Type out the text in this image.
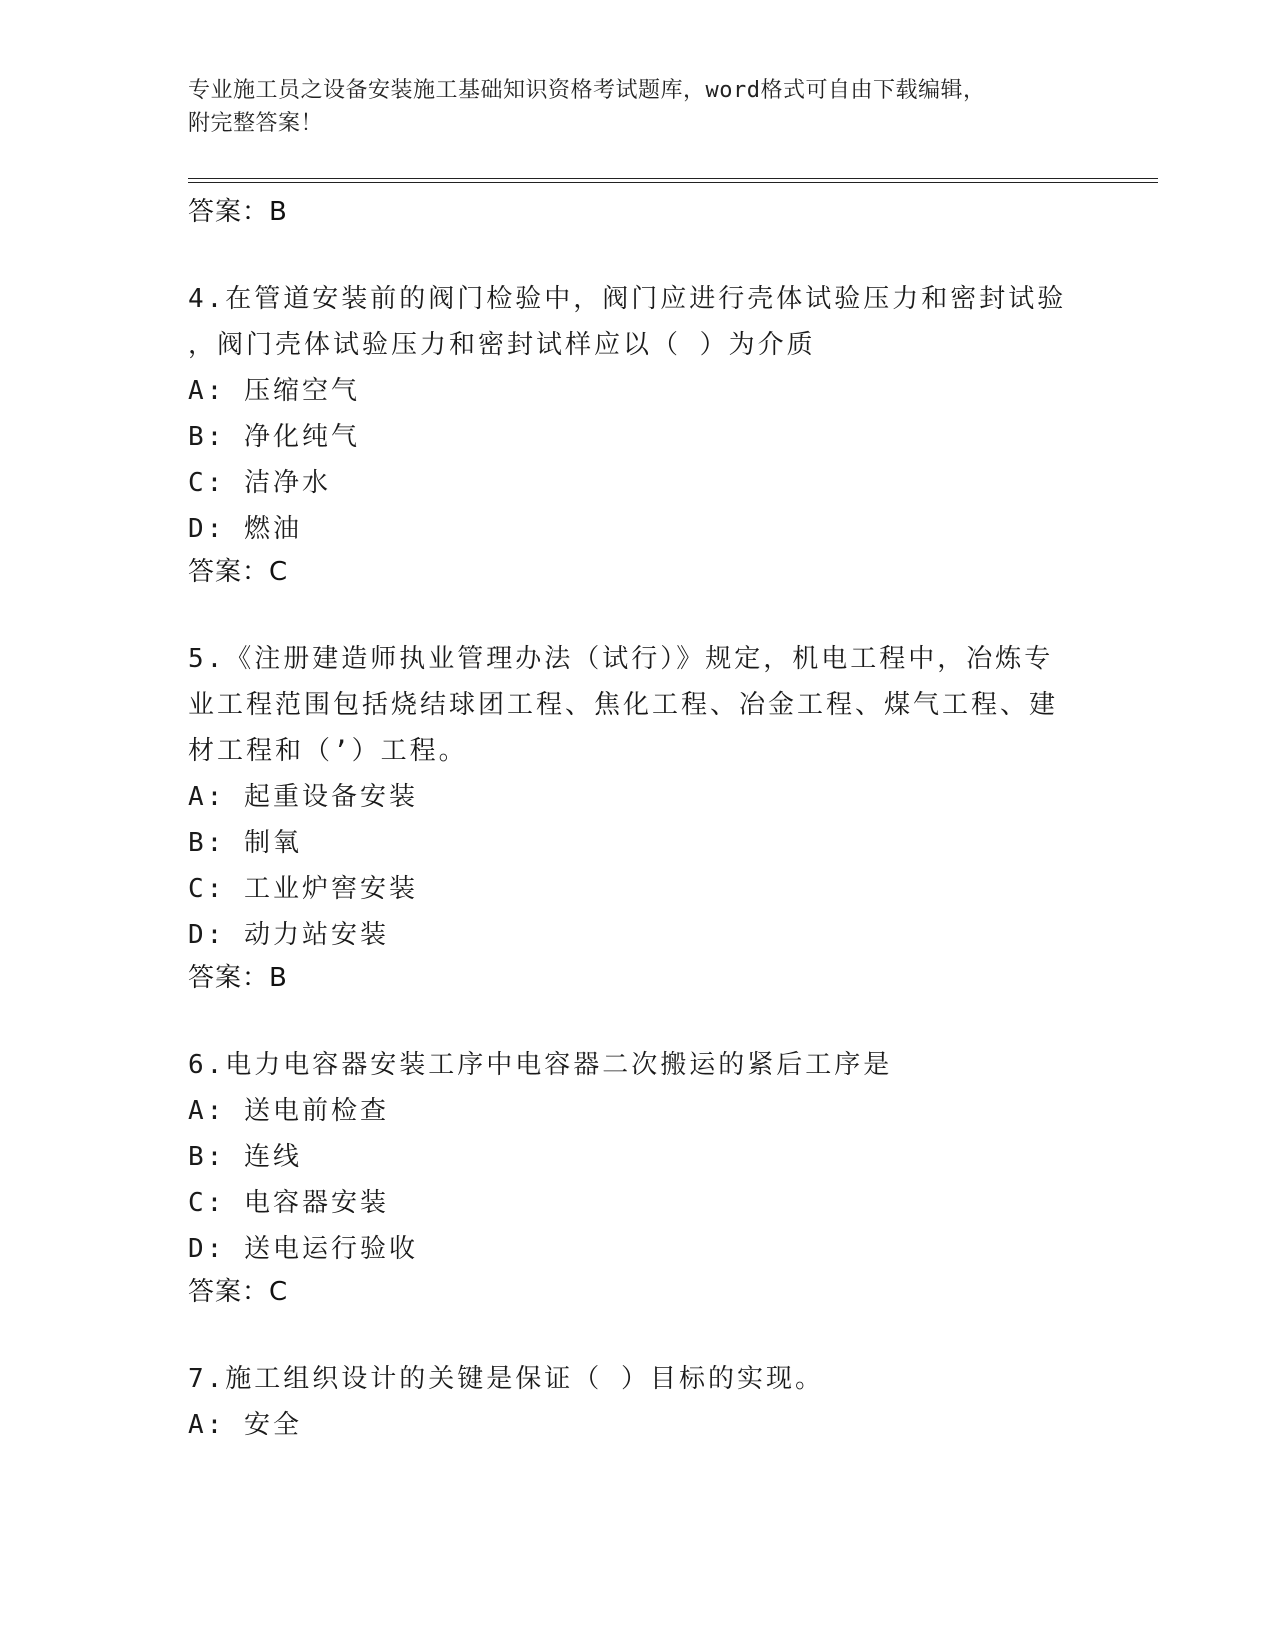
专业施工员之设备安装施工基础知识资格考试题库，word格式可自由下载编辑，
附完整答案！
答案：B
4.在管道安装前的阀门检验中，阀门应进行壳体试验压力和密封试验
，阀门壳体试验压力和密封试样应以（ ）为介质
A: 压缩空气
B: 净化纯气
C: 洁净水
D: 燃油
答案：C
5.《注册建造师执业管理办法（试行）》规定，机电工程中，冶炼专
业工程范围包括烧结球团工程、焦化工程、冶金工程、煤气工程、建
材工程和（’）工程。
A: 起重设备安装
B: 制氧
C: 工业炉窖安装
D: 动力站安装
答案：B
6.电力电容器安装工序中电容器二次搬运的紧后工序是
A: 送电前检查
B: 连线
C: 电容器安装
D: 送电运行验收
答案：C
7.施工组织设计的关键是保证（ ）目标的实现。
A: 安全
